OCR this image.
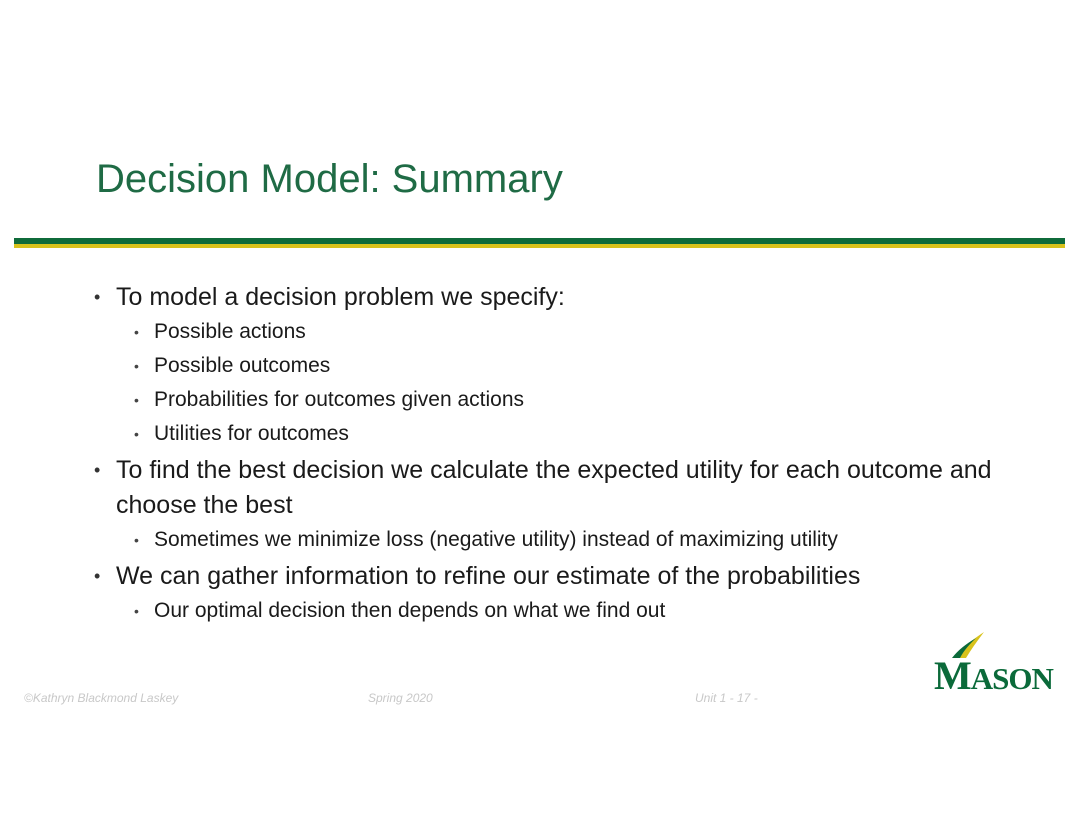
Decision Model: Summary

• To model a decision problem we specify:

• Possible actions

• Possible outcomes

• Probabilities for outcomes given actions

• Utilities for outcomes

• To find the best decision we calculate the expected utility for each outcome and choose the best

• Sometimes we minimize loss (negative utility) instead of maximizing utility

• We can gather information to refine our estimate of the probabilities

• Our optimal decision then depends on what we find out

©Kathryn Blackmond Laskey	Spring 2020	Unit 1 - 17 -	MASON
